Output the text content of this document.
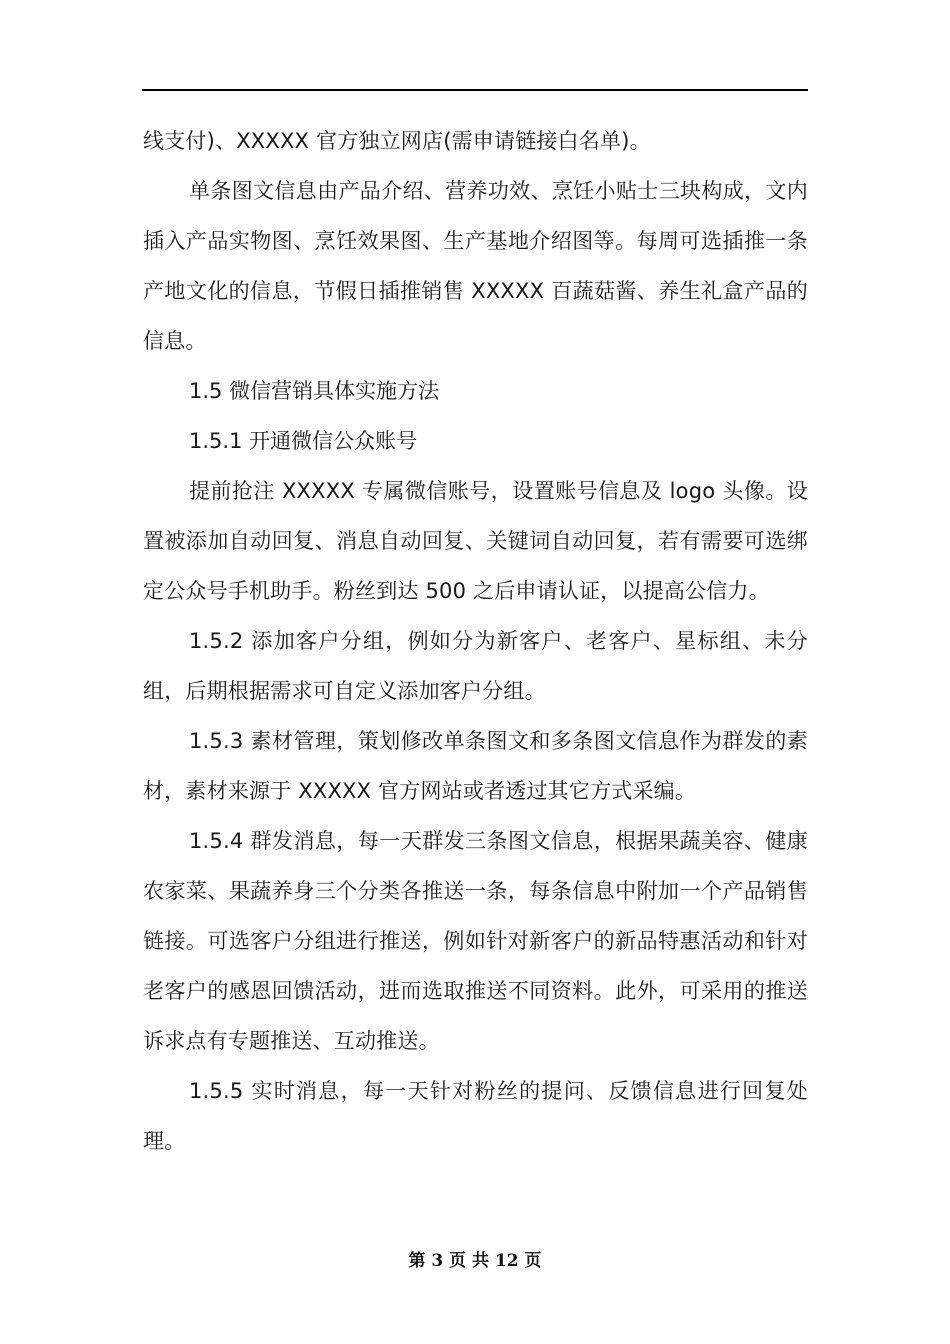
线支付)、XXXXX 官方独立网店(需申请链接白名单)。

单条图文信息由产品介绍、营养功效、烹饪小贴士三块构成，文内插入产品实物图、烹饪效果图、生产基地介绍图等。每周可选插推一条产地文化的信息，节假日插推销售 XXXXX 百蔬菇酱、养生礼盒产品的信息。

1.5 微信营销具体实施方法

1.5.1 开通微信公众账号

提前抢注 XXXXX 专属微信账号，设置账号信息及 logo 头像。设置被添加自动回复、消息自动回复、关键词自动回复，若有需要可选绑定公众号手机助手。粉丝到达 500 之后申请认证，以提高公信力。

1.5.2 添加客户分组，例如分为新客户、老客户、星标组、未分组，后期根据需求可自定义添加客户分组。

1.5.3 素材管理，策划修改单条图文和多条图文信息作为群发的素材，素材来源于 XXXXX 官方网站或者透过其它方式采编。

1.5.4 群发消息，每一天群发三条图文信息，根据果蔬美容、健康农家菜、果蔬养身三个分类各推送一条，每条信息中附加一个产品销售链接。可选客户分组进行推送，例如针对新客户的新品特惠活动和针对老客户的感恩回馈活动，进而选取推送不同资料。此外，可采用的推送诉求点有专题推送、互动推送。

1.5.5 实时消息，每一天针对粉丝的提问、反馈信息进行回复处理。

第 3 页 共 12 页
